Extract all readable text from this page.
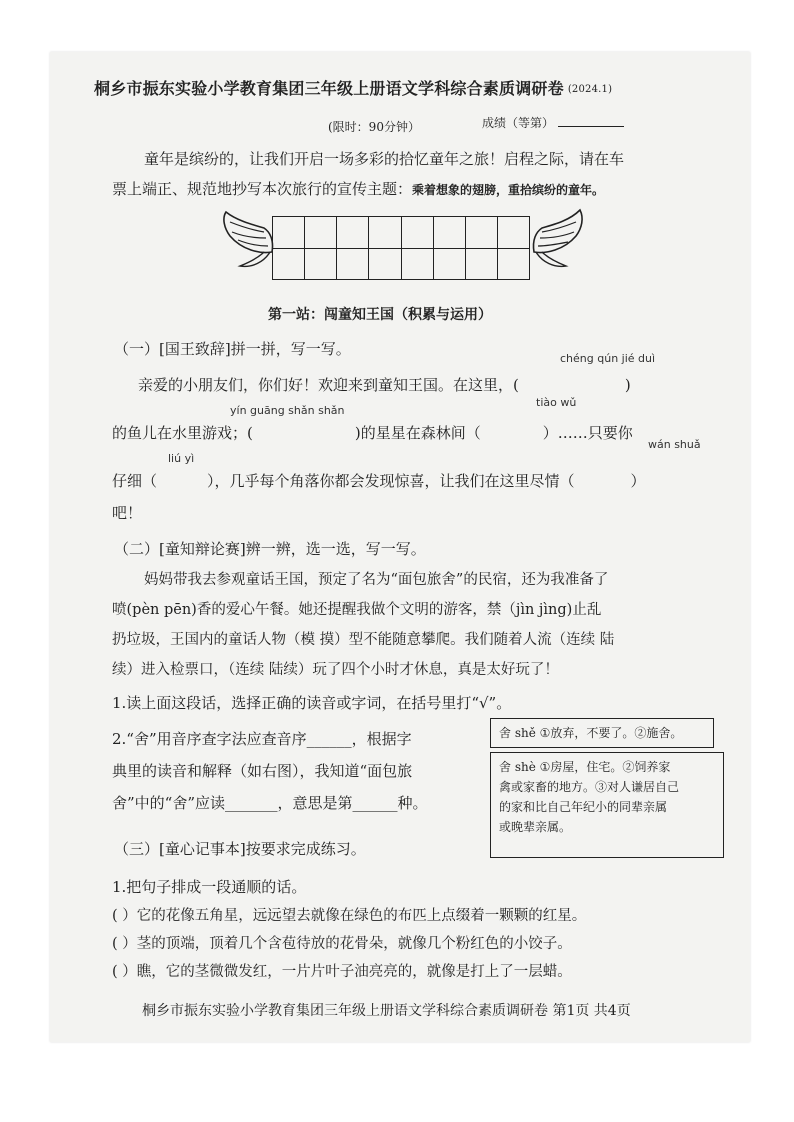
桐乡市振东实验小学教育集团三年级上册语文学科综合素质调研卷 (2024.1)
(限时：90分钟）	成绩（等第）
童年是缤纷的，让我们开启一场多彩的拾忆童年之旅！启程之际，请在车
票上端正、规范地抄写本次旅行的宣传主题：乘着想象的翅膀，重拾缤纷的童年。
第一站：闯童知王国（积累与运用）
（一）[国王致辞]拼一拼，写一写。
chéng qún jié duì
亲爱的小朋友们，你们好！欢迎来到童知王国。在这里，(	)
yín guāng shǎn shǎn
tiào wǔ
的鱼儿在水里游戏；(	)的星星在森林间（	）……只要你
wán shuǎ
liú yì
仔细（	），几乎每个角落你都会发现惊喜，让我们在这里尽情（	）
吧！
（二）[童知辩论赛]辨一辨，选一选，写一写。
妈妈带我去参观童话王国，预定了名为“面包旅舍”的民宿，还为我准备了
喷(pèn pēn)香的爱心午餐。她还提醒我做个文明的游客，禁（jìn jìng)止乱
扔垃圾，王国内的童话人物（模 摸）型不能随意攀爬。我们随着人流（连续 陆
续）进入检票口，（连续 陆续）玩了四个小时才休息，真是太好玩了！
1.读上面这段话，选择正确的读音或字词，在括号里打“√”。
2.“舍”用音序查字法应查音序______，根据字
典里的读音和解释（如右图），我知道“面包旅
舍”中的“舍”应读_______，意思是第______种。
舍 shě ①放弃，不要了。②施舍。
舍 shè ①房屋，住宅。②饲养家
禽或家畜的地方。③对人谦居自己
的家和比自己年纪小的同辈亲属
或晚辈亲属。
（三）[童心记事本]按要求完成练习。
1.把句子排成一段通顺的话。
( ）它的花像五角星，远远望去就像在绿色的布匹上点缀着一颗颗的红星。
( ）茎的顶端，顶着几个含苞待放的花骨朵，就像几个粉红色的小饺子。
( ）瞧，它的茎微微发红，一片片叶子油亮亮的，就像是打上了一层蜡。
桐乡市振东实验小学教育集团三年级上册语文学科综合素质调研卷 第1页 共4页
